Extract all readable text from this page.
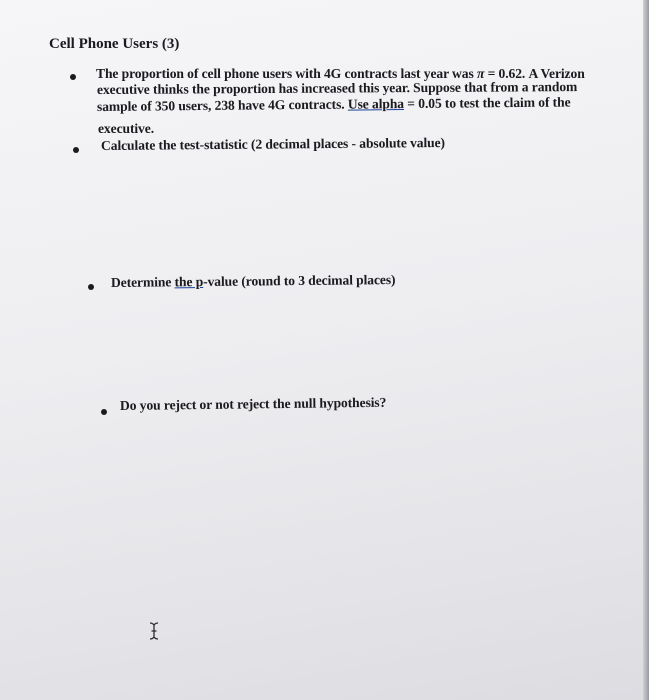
Cell Phone Users (3)
The proportion of cell phone users with 4G contracts last year was π = 0.62. A Verizon
executive thinks the proportion has increased this year. Suppose that from a random
sample of 350 users, 238 have 4G contracts. Use alpha = 0.05 to test the claim of the
executive.
Calculate the test-statistic (2 decimal places - absolute value)
Determine the p-value (round to 3 decimal places)
Do you reject or not reject the null hypothesis?
